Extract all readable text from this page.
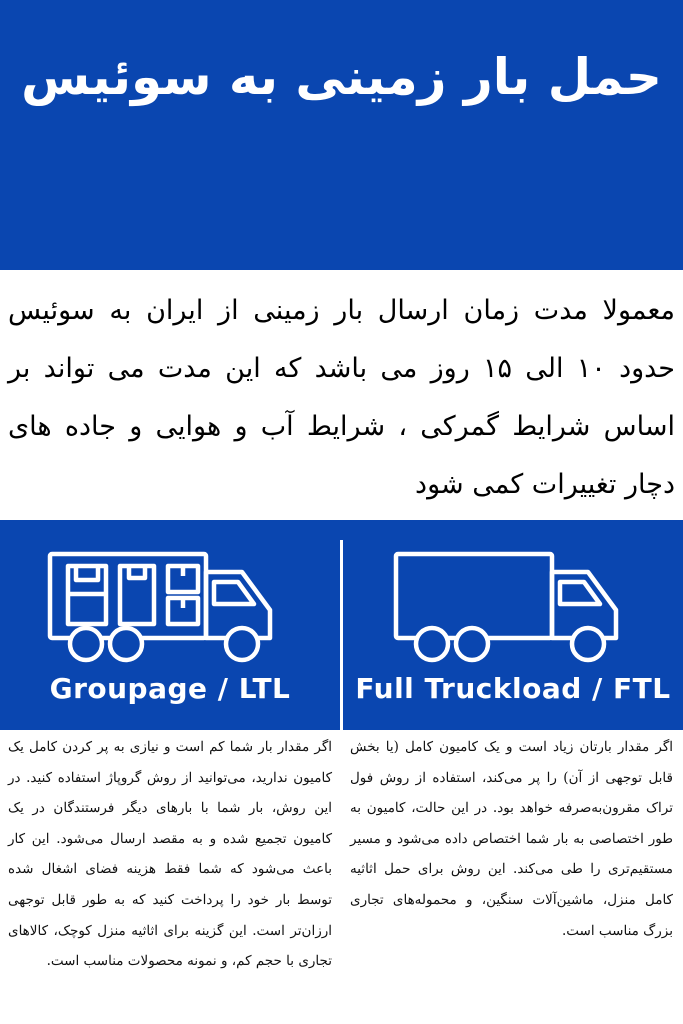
حمل بار زمینی به سوئیس

معمولا مدت زمان ارسال بار زمینی از ایران به سوئیس حدود ۱۰ الی ۱۵ روز می باشد که این مدت می تواند بر اساس شرایط گمرکی ، شرایط آب و هوایی و جاده های دچار تغییرات کمی شود

Groupage / LTL	Full Truckload / FTL

اگر مقدار بار شما کم است و نیازی به پر کردن کامل یک کامیون ندارید، می‌توانید از روش گروپاژ استفاده کنید. در این روش، بار شما با بارهای دیگر فرستندگان در یک کامیون تجمیع شده و به مقصد ارسال می‌شود. این کار باعث می‌شود که شما فقط هزینه فضای اشغال شده توسط بار خود را پرداخت کنید که به طور قابل توجهی ارزان‌تر است. این گزینه برای اثاثیه منزل کوچک، کالاهای تجاری با حجم کم، و نمونه محصولات مناسب است.

اگر مقدار بارتان زیاد است و یک کامیون کامل (یا بخش قابل توجهی از آن) را پر می‌کند، استفاده از روش فول تراک مقرون‌به‌صرفه خواهد بود. در این حالت، کامیون به طور اختصاصی به بار شما اختصاص داده می‌شود و مسیر مستقیم‌تری را طی می‌کند. این روش برای حمل اثاثیه کامل منزل، ماشین‌آلات سنگین، و محموله‌های تجاری بزرگ مناسب است.
